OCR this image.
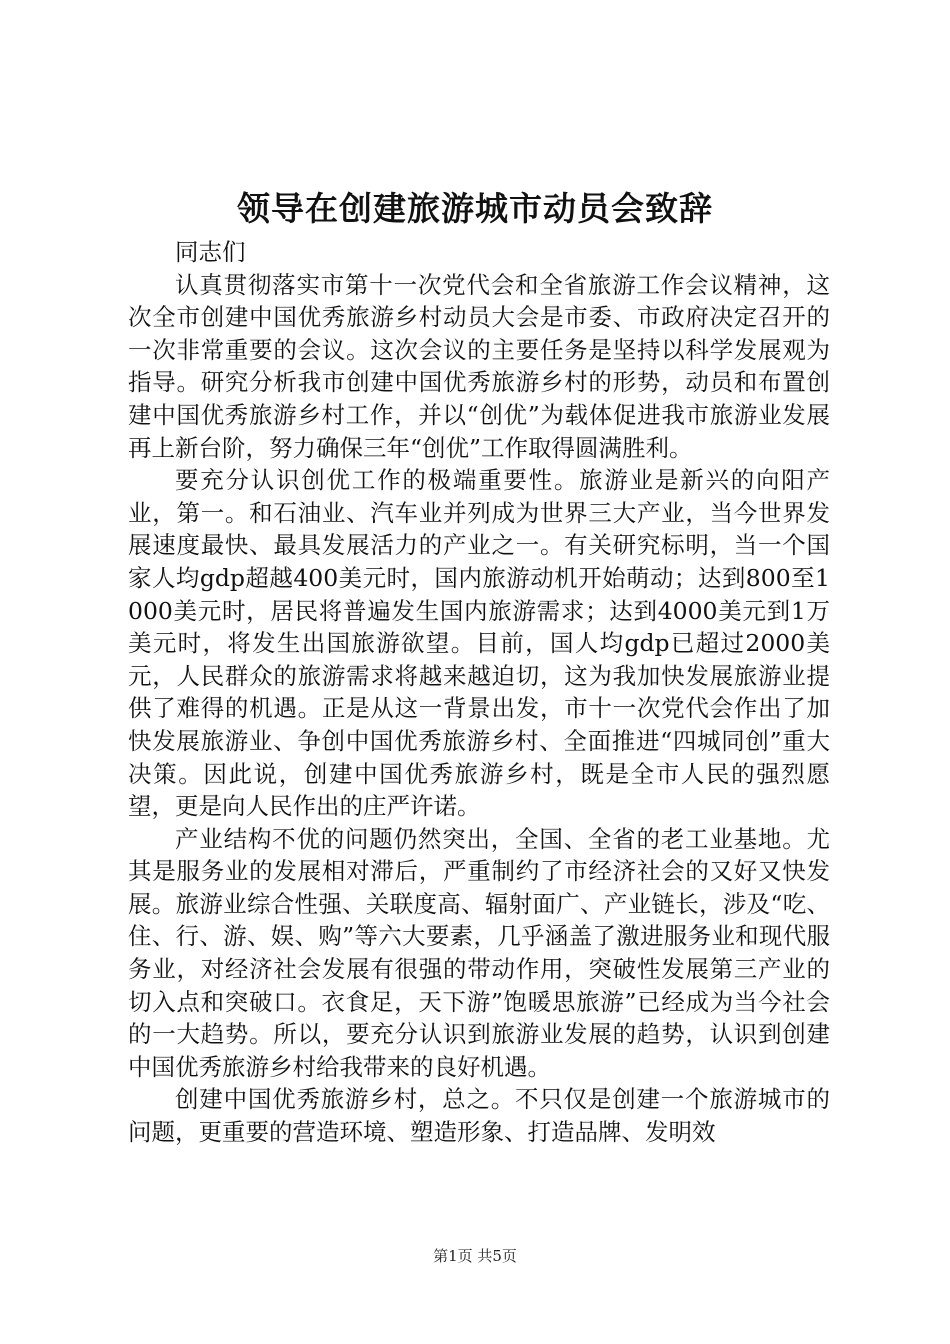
领导在创建旅游城市动员会致辞

同志们

认真贯彻落实市第十一次党代会和全省旅游工作会议精神，这次全市创建中国优秀旅游乡村动员大会是市委、市政府决定召开的一次非常重要的会议。这次会议的主要任务是坚持以科学发展观为指导。研究分析我市创建中国优秀旅游乡村的形势，动员和布置创建中国优秀旅游乡村工作，并以“创优”为载体促进我市旅游业发展再上新台阶，努力确保三年“创优”工作取得圆满胜利。

要充分认识创优工作的极端重要性。旅游业是新兴的向阳产业，第一。和石油业、汽车业并列成为世界三大产业，当今世界发展速度最快、最具发展活力的产业之一。有关研究标明，当一个国家人均gdp超越400美元时，国内旅游动机开始萌动；达到800至1000美元时，居民将普遍发生国内旅游需求；达到4000美元到1万美元时，将发生出国旅游欲望。目前，国人均gdp已超过2000美元，人民群众的旅游需求将越来越迫切，这为我加快发展旅游业提供了难得的机遇。正是从这一背景出发，市十一次党代会作出了加快发展旅游业、争创中国优秀旅游乡村、全面推进“四城同创”重大决策。因此说，创建中国优秀旅游乡村，既是全市人民的强烈愿望，更是向人民作出的庄严许诺。

产业结构不优的问题仍然突出，全国、全省的老工业基地。尤其是服务业的发展相对滞后，严重制约了市经济社会的又好又快发展。旅游业综合性强、关联度高、辐射面广、产业链长，涉及“吃、住、行、游、娱、购”等六大要素，几乎涵盖了激进服务业和现代服务业，对经济社会发展有很强的带动作用，突破性发展第三产业的切入点和突破口。衣食足，天下游”饱暖思旅游”已经成为当今社会的一大趋势。所以，要充分认识到旅游业发展的趋势，认识到创建中国优秀旅游乡村给我带来的良好机遇。

创建中国优秀旅游乡村，总之。不只仅是创建一个旅游城市的问题，更重要的营造环境、塑造形象、打造品牌、发明效

第1页 共5页
